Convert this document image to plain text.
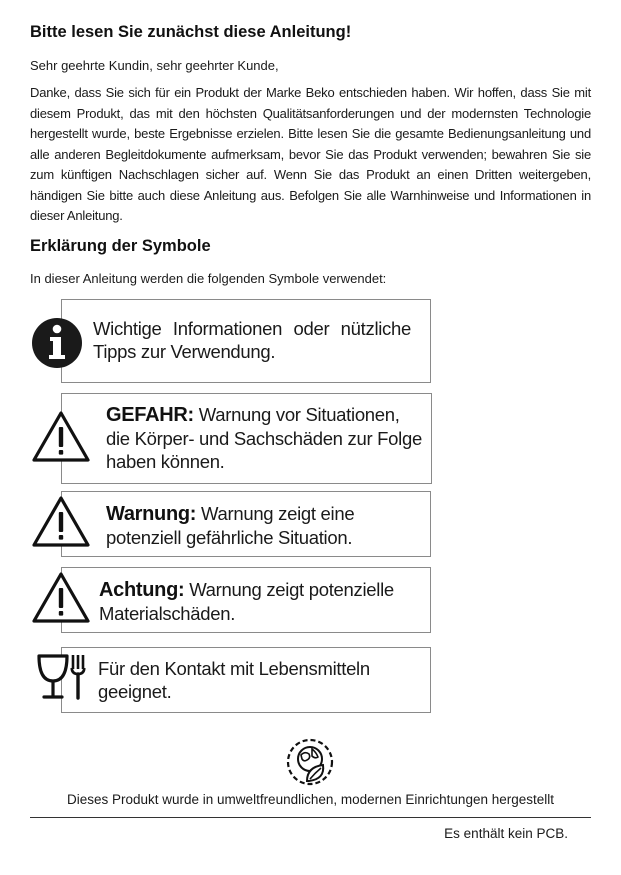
Bitte lesen Sie zunächst diese Anleitung!
Sehr geehrte Kundin, sehr geehrter Kunde,
Danke, dass Sie sich für ein Produkt der Marke Beko entschieden haben. Wir hoffen, dass Sie mit diesem Produkt, das mit den höchsten Qualitätsanforderungen und der modernsten Technologie hergestellt wurde, beste Ergebnisse erzielen. Bitte lesen Sie die gesamte Bedienungsanleitung und alle anderen Begleitdokumente aufmerksam, bevor Sie das Produkt verwenden; bewahren Sie sie zum künftigen Nachschlagen sicher auf. Wenn Sie das Produkt an einen Dritten weitergeben, händigen Sie bitte auch diese Anleitung aus. Befolgen Sie alle Warnhinweise und Informationen in dieser Anleitung.
Erklärung der Symbole
In dieser Anleitung werden die folgenden Symbole verwendet:
Wichtige Informationen oder nützliche Tipps zur Verwendung.
GEFAHR: Warnung vor Situationen, die Körper- und Sachschäden zur Folge haben können.
Warnung: Warnung zeigt eine potenziell gefährliche Situation.
Achtung: Warnung zeigt potenzielle Materialschäden.
Für den Kontakt mit Lebensmitteln geeignet.
Dieses Produkt wurde in umweltfreundlichen, modernen Einrichtungen hergestellt
Es enthält kein PCB.
